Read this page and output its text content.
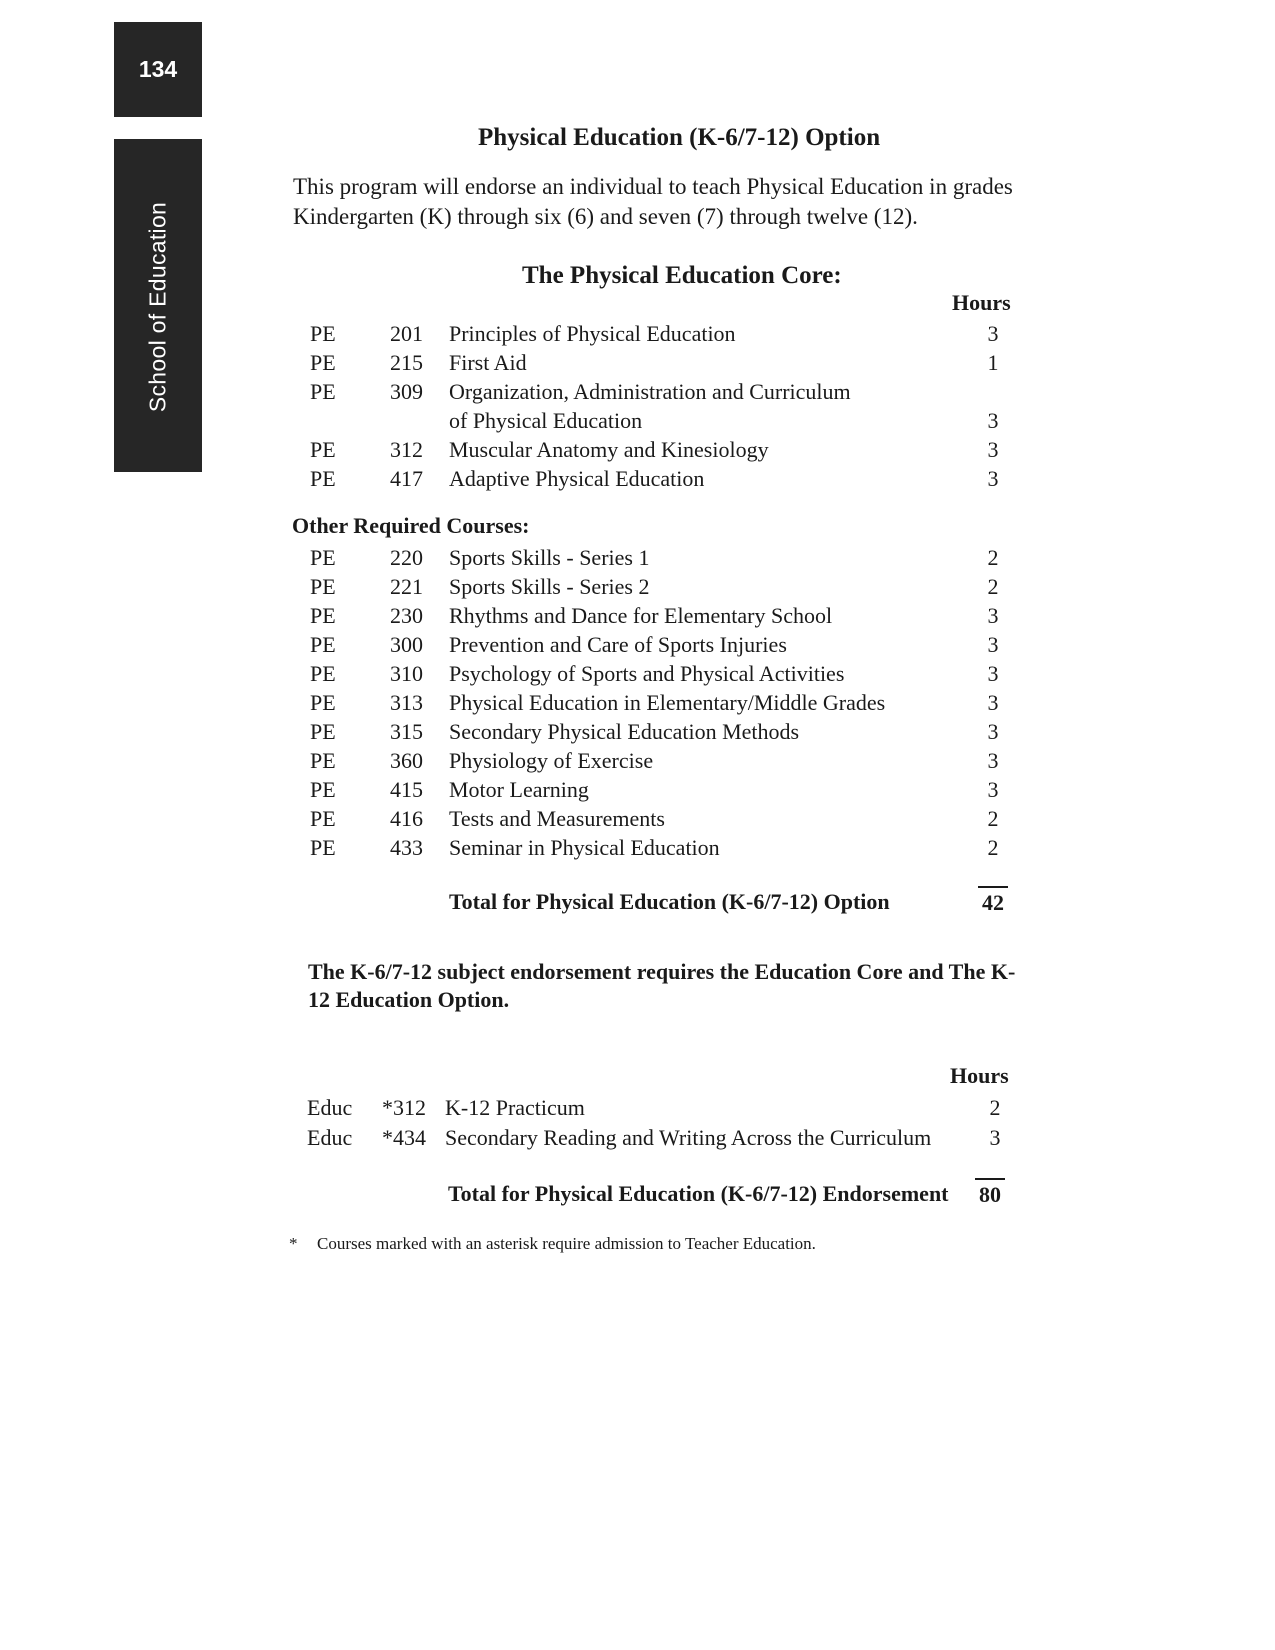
134
School of Education
Physical Education (K-6/7-12) Option
This program will endorse an individual to teach Physical Education in grades Kindergarten (K) through six (6) and seven (7) through twelve (12).
The Physical Education Core:
Hours
PE 201 Principles of Physical Education	3
PE 215 First Aid	1
PE 309 Organization, Administration and Curriculum
of Physical Education	3
PE 312 Muscular Anatomy and Kinesiology	3
PE 417 Adaptive Physical Education	3
Other Required Courses:
PE 220 Sports Skills - Series 1	2
PE 221 Sports Skills - Series 2	2
PE 230 Rhythms and Dance for Elementary School	3
PE 300 Prevention and Care of Sports Injuries	3
PE 310 Psychology of Sports and Physical Activities	3
PE 313 Physical Education in Elementary/Middle Grades	3
PE 315 Secondary Physical Education Methods	3
PE 360 Physiology of Exercise	3
PE 415 Motor Learning	3
PE 416 Tests and Measurements	2
PE 433 Seminar in Physical Education	2
Total for Physical Education (K-6/7-12) Option	42
The K-6/7-12 subject endorsement requires the Education Core and The K-12 Education Option.
Hours
Educ *312 K-12 Practicum	2
Educ *434 Secondary Reading and Writing Across the Curriculum	3
Total for Physical Education (K-6/7-12) Endorsement 80
* Courses marked with an asterisk require admission to Teacher Education.
